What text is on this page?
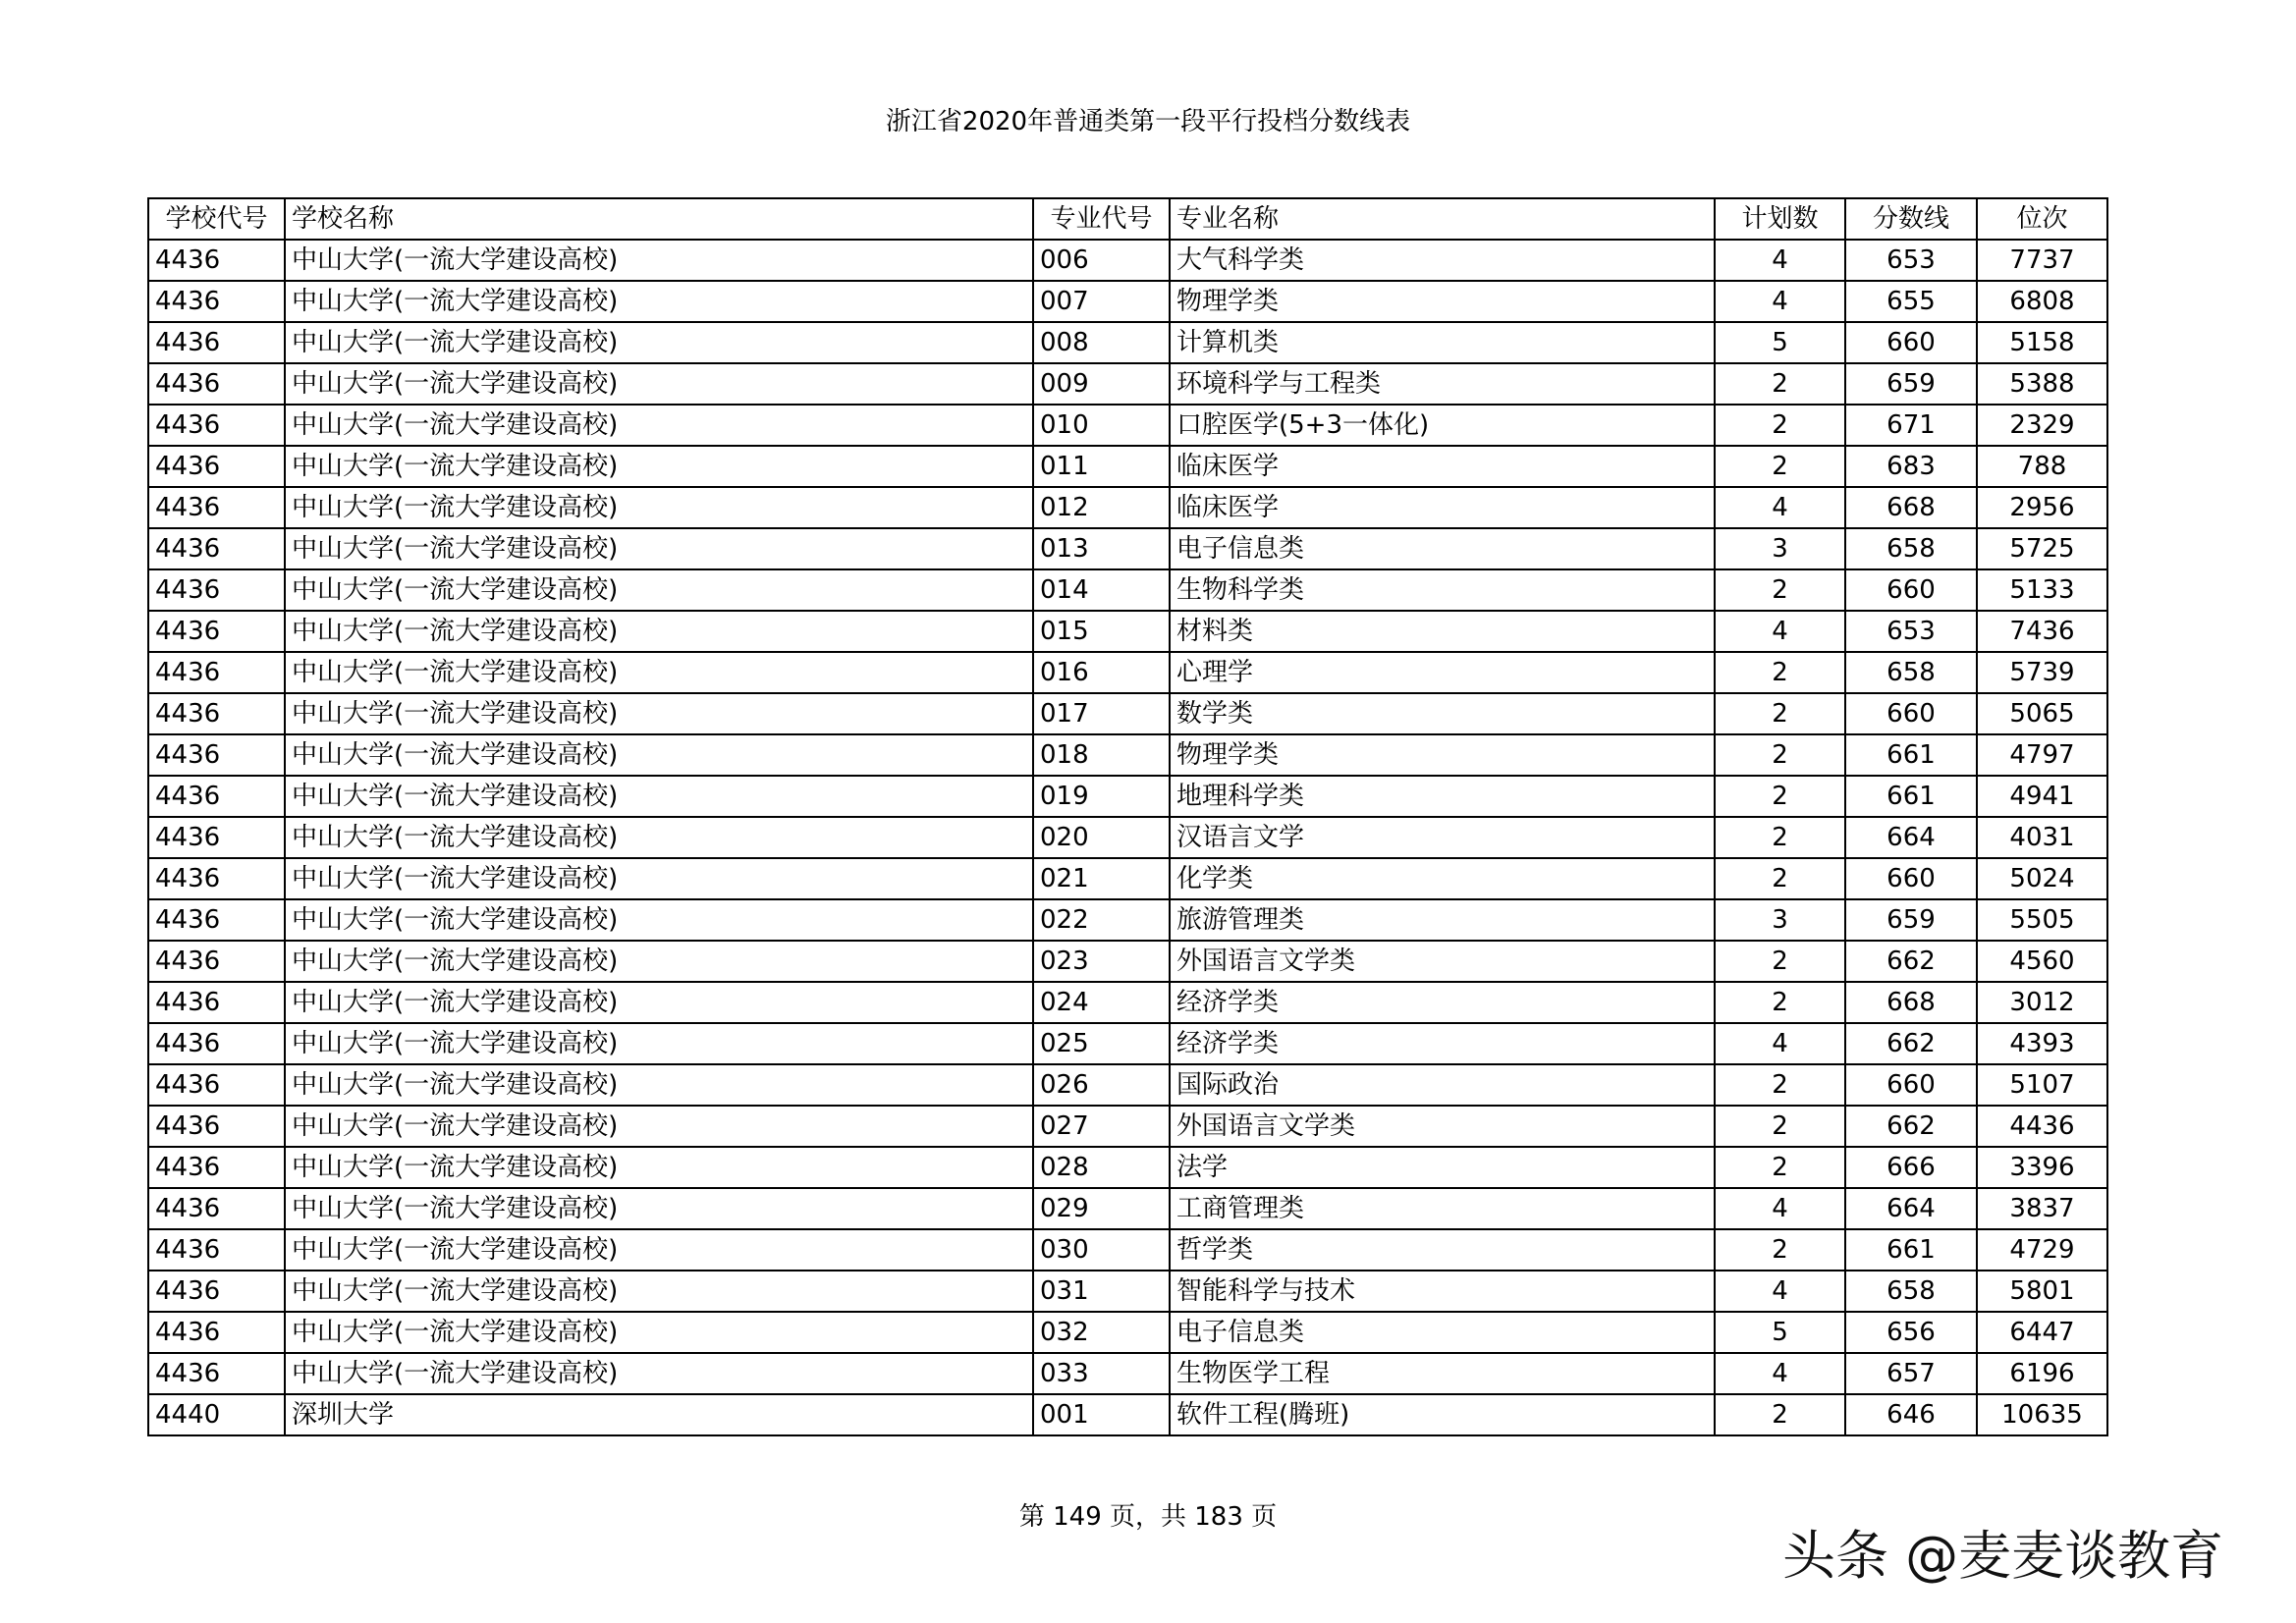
浙江省2020年普通类第一段平行投档分数线表
学校代号	学校名称	专业代号	专业名称	计划数	分数线	位次
4436	中山大学(一流大学建设高校)	006	大气科学类	4	653	7737
4436	中山大学(一流大学建设高校)	007	物理学类	4	655	6808
4436	中山大学(一流大学建设高校)	008	计算机类	5	660	5158
4436	中山大学(一流大学建设高校)	009	环境科学与工程类	2	659	5388
4436	中山大学(一流大学建设高校)	010	口腔医学(5+3一体化)	2	671	2329
4436	中山大学(一流大学建设高校)	011	临床医学	2	683	788
4436	中山大学(一流大学建设高校)	012	临床医学	4	668	2956
4436	中山大学(一流大学建设高校)	013	电子信息类	3	658	5725
4436	中山大学(一流大学建设高校)	014	生物科学类	2	660	5133
4436	中山大学(一流大学建设高校)	015	材料类	4	653	7436
4436	中山大学(一流大学建设高校)	016	心理学	2	658	5739
4436	中山大学(一流大学建设高校)	017	数学类	2	660	5065
4436	中山大学(一流大学建设高校)	018	物理学类	2	661	4797
4436	中山大学(一流大学建设高校)	019	地理科学类	2	661	4941
4436	中山大学(一流大学建设高校)	020	汉语言文学	2	664	4031
4436	中山大学(一流大学建设高校)	021	化学类	2	660	5024
4436	中山大学(一流大学建设高校)	022	旅游管理类	3	659	5505
4436	中山大学(一流大学建设高校)	023	外国语言文学类	2	662	4560
4436	中山大学(一流大学建设高校)	024	经济学类	2	668	3012
4436	中山大学(一流大学建设高校)	025	经济学类	4	662	4393
4436	中山大学(一流大学建设高校)	026	国际政治	2	660	5107
4436	中山大学(一流大学建设高校)	027	外国语言文学类	2	662	4436
4436	中山大学(一流大学建设高校)	028	法学	2	666	3396
4436	中山大学(一流大学建设高校)	029	工商管理类	4	664	3837
4436	中山大学(一流大学建设高校)	030	哲学类	2	661	4729
4436	中山大学(一流大学建设高校)	031	智能科学与技术	4	658	5801
4436	中山大学(一流大学建设高校)	032	电子信息类	5	656	6447
4436	中山大学(一流大学建设高校)	033	生物医学工程	4	657	6196
4440	深圳大学	001	软件工程(腾班)	2	646	10635
第 149 页，共 183 页
头条 @麦麦谈教育
